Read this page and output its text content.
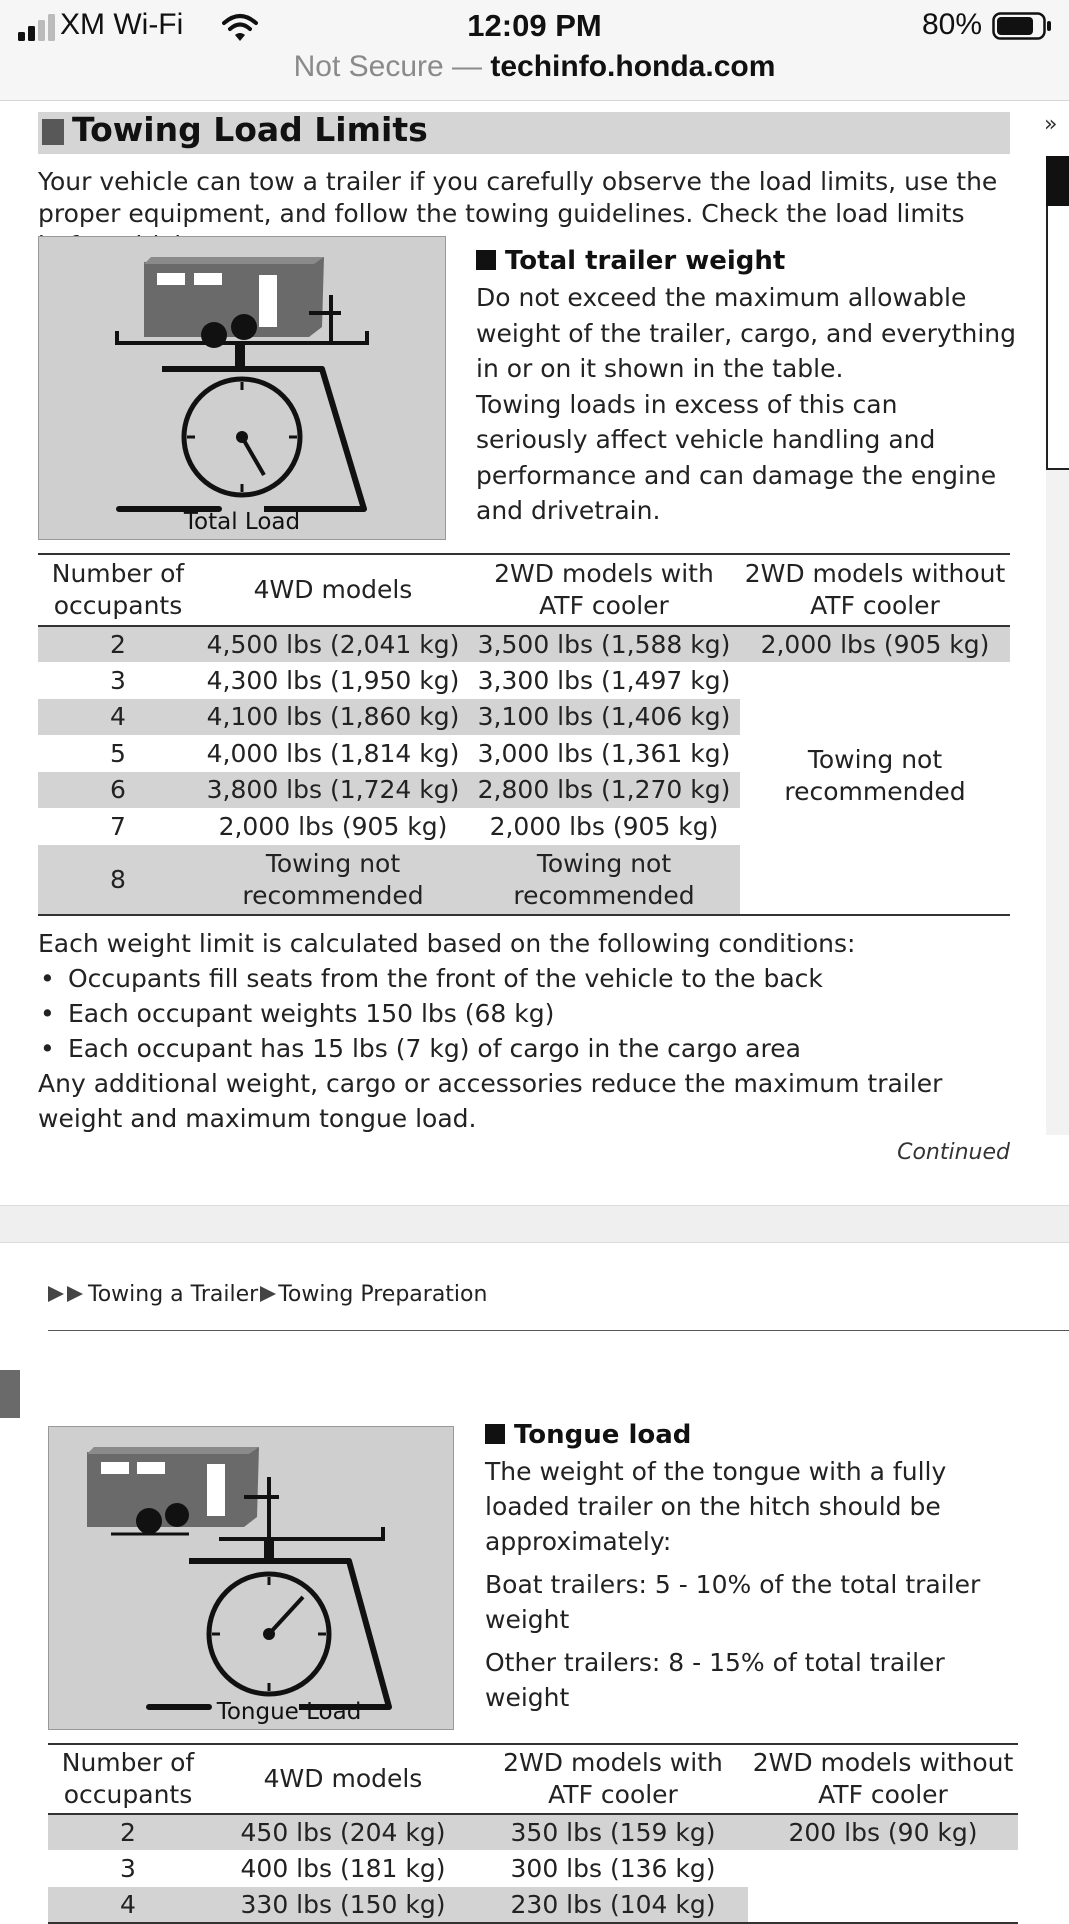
XM Wi-Fi	12:09 PM	80%
Not Secure — techinfo.honda.com
Towing Load Limits
Your vehicle can tow a trailer if you carefully observe the load limits, use the proper equipment, and follow the towing guidelines. Check the load limits
Total Load
Total trailer weight
Do not exceed the maximum allowable weight of the trailer, cargo, and everything in or on it shown in the table.
Towing loads in excess of this can seriously affect vehicle handling and performance and can damage the engine and drivetrain.
Number of occupants	4WD models	2WD models with ATF cooler	2WD models without ATF cooler
2	4,500 lbs (2,041 kg)	3,500 lbs (1,588 kg)	2,000 lbs (905 kg)
3	4,300 lbs (1,950 kg)	3,300 lbs (1,497 kg)	Towing not recommended
4	4,100 lbs (1,860 kg)	3,100 lbs (1,406 kg)	
5	4,000 lbs (1,814 kg)	3,000 lbs (1,361 kg)	
6	3,800 lbs (1,724 kg)	2,800 lbs (1,270 kg)	
7	2,000 lbs (905 kg)	2,000 lbs (905 kg)	
8	Towing not recommended	Towing not recommended	
Each weight limit is calculated based on the following conditions:
• Occupants fill seats from the front of the vehicle to the back
• Each occupant weights 150 lbs (68 kg)
• Each occupant has 15 lbs (7 kg) of cargo in the cargo area
Any additional weight, cargo or accessories reduce the maximum trailer weight and maximum tongue load.
Continued
»
Towing a Trailer Towing Preparation
Tongue Load
Tongue load

The weight of the tongue with a fully loaded trailer on the hitch should be approximately:

Boat trailers: 5 - 10% of the total trailer weight

Other trailers: 8 - 15% of total trailer weight

Number of occupants	4WD models	2WD models with ATF cooler	2WD models without ATF cooler
2	450 lbs (204 kg)	350 lbs (159 kg)	200 lbs (90 kg)
3	400 lbs (181 kg)	300 lbs (136 kg)	
4	330 lbs (150 kg)	230 lbs (104 kg)	
